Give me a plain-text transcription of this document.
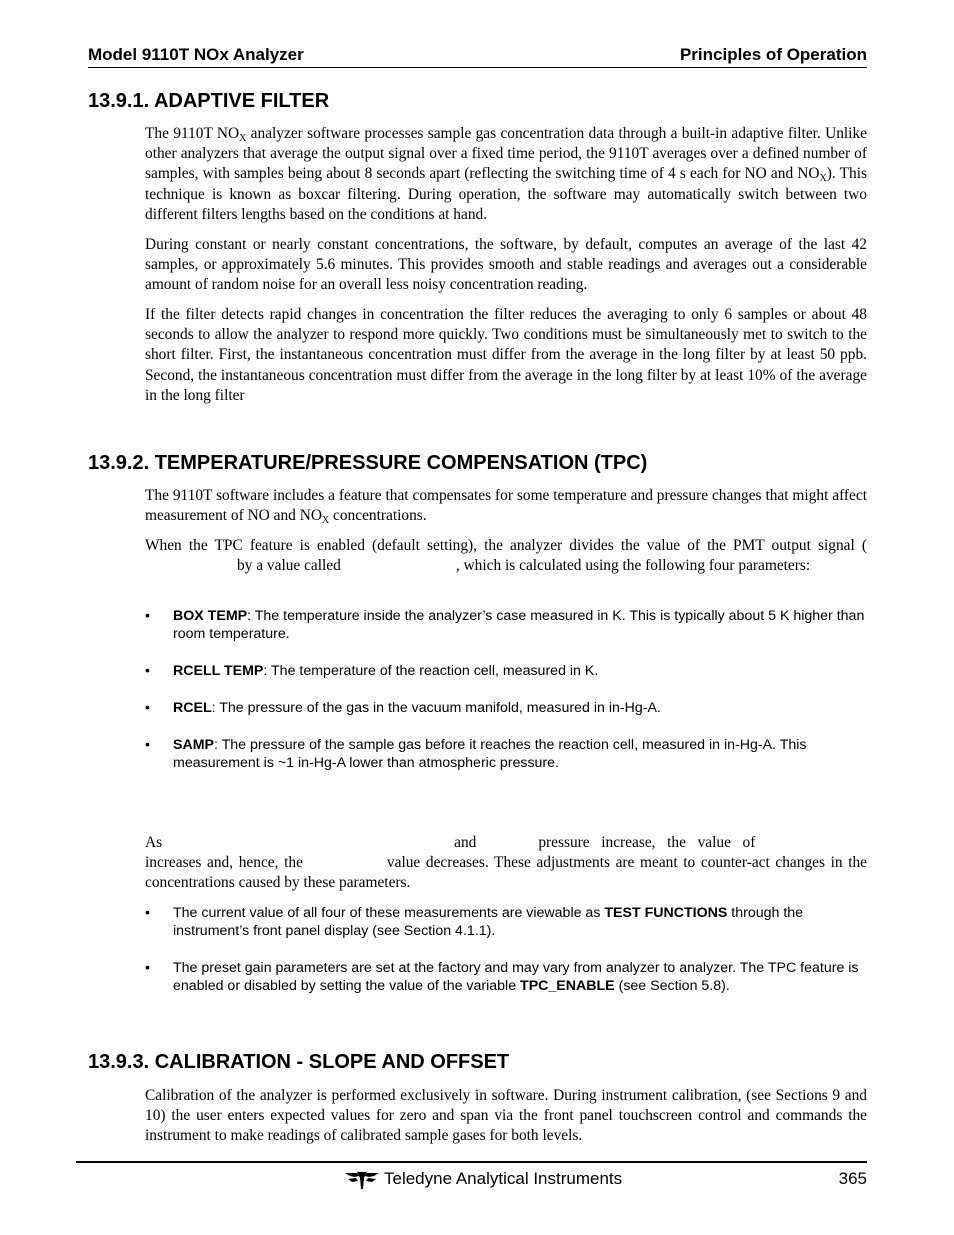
Model 9110T NOx Analyzer	Principles of Operation
13.9.1. ADAPTIVE FILTER

The 9110T $NO_X$ analyzer software processes sample gas concentration data through a built-in adaptive filter. Unlike other analyzers that average the output signal over a fixed time period, the 9110T averages over a defined number of samples, with samples being about 8 seconds apart (reflecting the switching time of 4 s each for NO and $NO_X$). This technique is known as boxcar filtering. During operation, the software may automatically switch between two different filters lengths based on the conditions at hand.

During constant or nearly constant concentrations, the software, by default, computes an average of the last 42 samples, or approximately 5.6 minutes. This provides smooth and stable readings and averages out a considerable amount of random noise for an overall less noisy concentration reading.

If the filter detects rapid changes in concentration the filter reduces the averaging to only 6 samples or about 48 seconds to allow the analyzer to respond more quickly. Two conditions must be simultaneously met to switch to the short filter. First, the instantaneous concentration must differ from the average in the long filter by at least 50 ppb. Second, the instantaneous concentration must differ from the average in the long filter by at least 10% of the average in the long filter

13.9.2. TEMPERATURE/PRESSURE COMPENSATION (TPC)

The 9110T software includes a feature that compensates for some temperature and pressure changes that might affect measurement of NO and $NO_X$ concentrations.

When the TPC feature is enabled (default setting), the analyzer divides the value of the PMT output signal (by a value called	, which is calculated using the following four parameters:

• BOX TEMP: The temperature inside the analyzer’s case measured in K. This is typically about 5 K higher than room temperature.
• RCELL TEMP: The temperature of the reaction cell, measured in K.
• RCEL: The pressure of the gas in the vacuum manifold, measured in in-Hg-A.
• SAMP: The pressure of the sample gas before it reaches the reaction cell, measured in in-Hg-A. This measurement is ~1 in-Hg-A lower than atmospheric pressure.

As	and	pressure increase, the value of increases and, hence, the	value decreases. These adjustments are meant to counter-act changes in the concentrations caused by these parameters.

• The current value of all four of these measurements are viewable as TEST FUNCTIONS through the instrument’s front panel display (see Section 4.1.1).
• The preset gain parameters are set at the factory and may vary from analyzer to analyzer. The TPC feature is enabled or disabled by setting the value of the variable TPC_ENABLE (see Section 5.8).
13.9.3. CALIBRATION - SLOPE AND OFFSET

Calibration of the analyzer is performed exclusively in software. During instrument calibration, (see Sections 9 and 10) the user enters expected values for zero and span via the front panel touchscreen control and commands the instrument to make readings of calibrated sample gases for both levels.

Teledyne Analytical Instruments	365
